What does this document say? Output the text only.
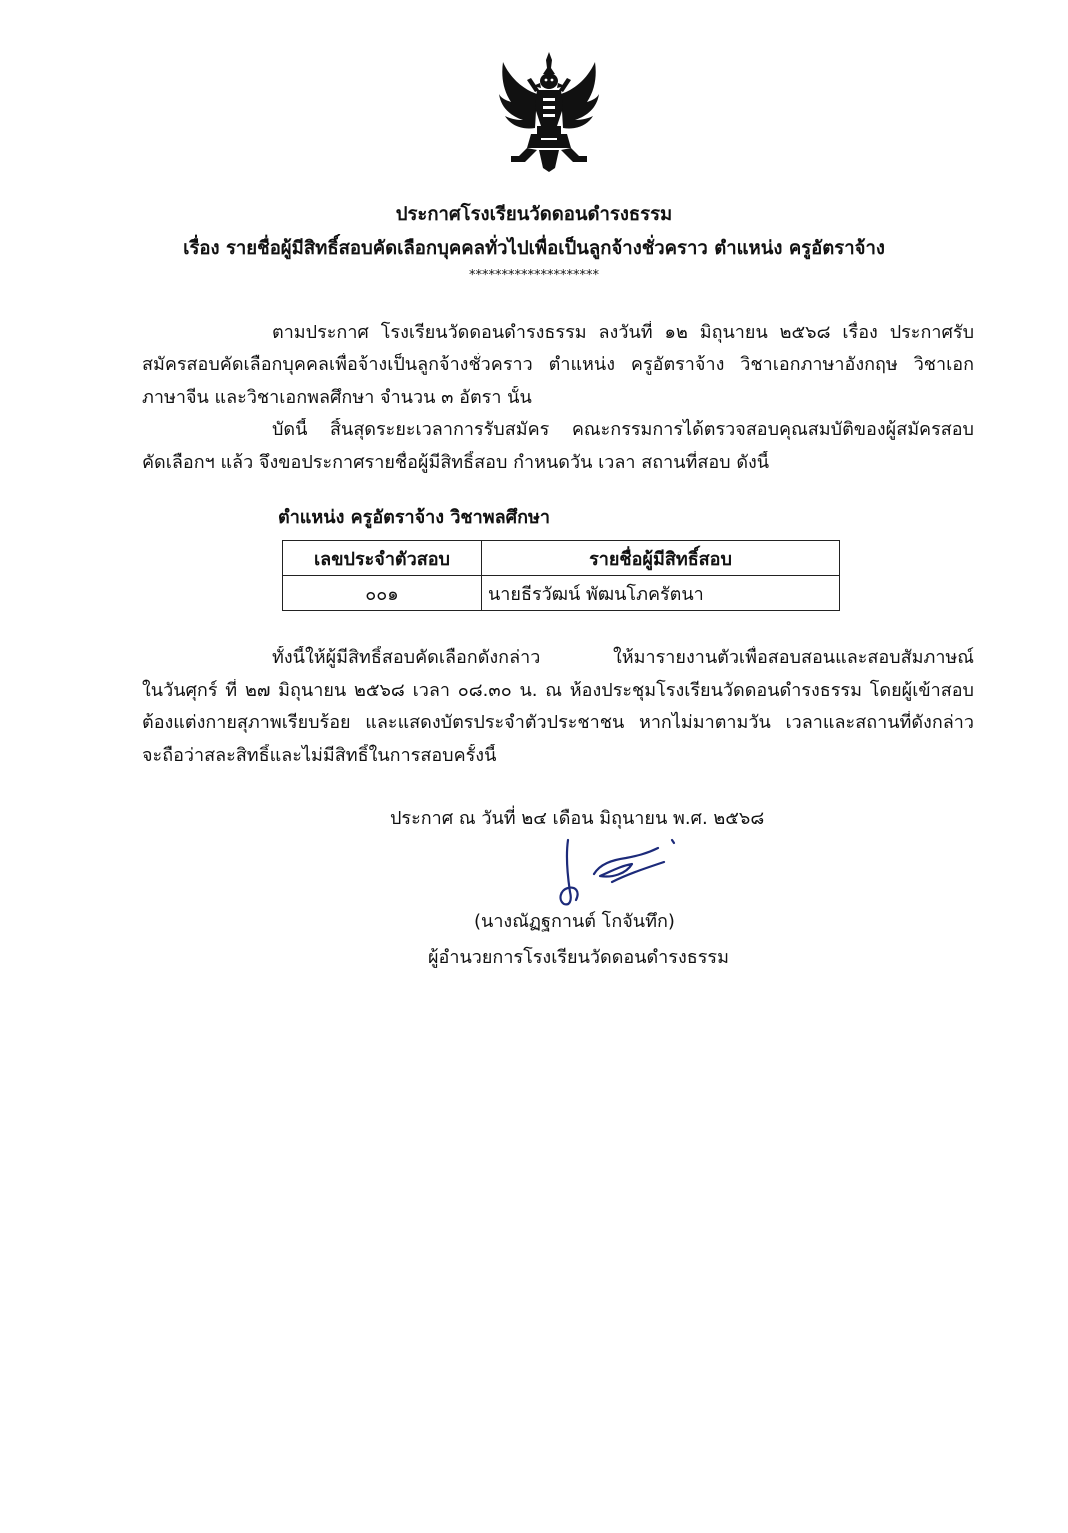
ประกาศโรงเรียนวัดดอนดำรงธรรม
เรื่อง รายชื่อผู้มีสิทธิ์สอบคัดเลือกบุคคลทั่วไปเพื่อเป็นลูกจ้างชั่วคราว ตำแหน่ง ครูอัตราจ้าง
********************
ตามประกาศ โรงเรียนวัดดอนดำรงธรรม ลงวันที่ ๑๒ มิถุนายน ๒๕๖๘ เรื่อง ประกาศรับ
สมัครสอบคัดเลือกบุคคลเพื่อจ้างเป็นลูกจ้างชั่วคราว ตำแหน่ง ครูอัตราจ้าง วิชาเอกภาษาอังกฤษ วิชาเอก
ภาษาจีน และวิชาเอกพลศึกษา จำนวน ๓ อัตรา นั้น
บัดนี้ สิ้นสุดระยะเวลาการรับสมัคร คณะกรรมการได้ตรวจสอบคุณสมบัติของผู้สมัครสอบ
คัดเลือกฯ แล้ว จึงขอประกาศรายชื่อผู้มีสิทธิ์สอบ กำหนดวัน เวลา สถานที่สอบ ดังนี้
ตำแหน่ง ครูอัตราจ้าง วิชาพลศึกษา
เลขประจำตัวสอบ	รายชื่อผู้มีสิทธิ์สอบ
๐๐๑	นายธีรวัฒน์ พัฒนโภครัตนา
ทั้งนี้ให้ผู้มีสิทธิ์สอบคัดเลือกดังกล่าว ให้มารายงานตัวเพื่อสอบสอนและสอบสัมภาษณ์
ในวันศุกร์ ที่ ๒๗ มิถุนายน ๒๕๖๘ เวลา ๐๘.๓๐ น. ณ ห้องประชุมโรงเรียนวัดดอนดำรงธรรม โดยผู้เข้าสอบ
ต้องแต่งกายสุภาพเรียบร้อย และแสดงบัตรประจำตัวประชาชน หากไม่มาตามวัน เวลาและสถานที่ดังกล่าว
จะถือว่าสละสิทธิ์และไม่มีสิทธิ์ในการสอบครั้งนี้
ประกาศ ณ วันที่ ๒๔ เดือน มิถุนายน พ.ศ. ๒๕๖๘
(นางณัฏฐกานต์ โกจันทึก)
ผู้อำนวยการโรงเรียนวัดดอนดำรงธรรม
